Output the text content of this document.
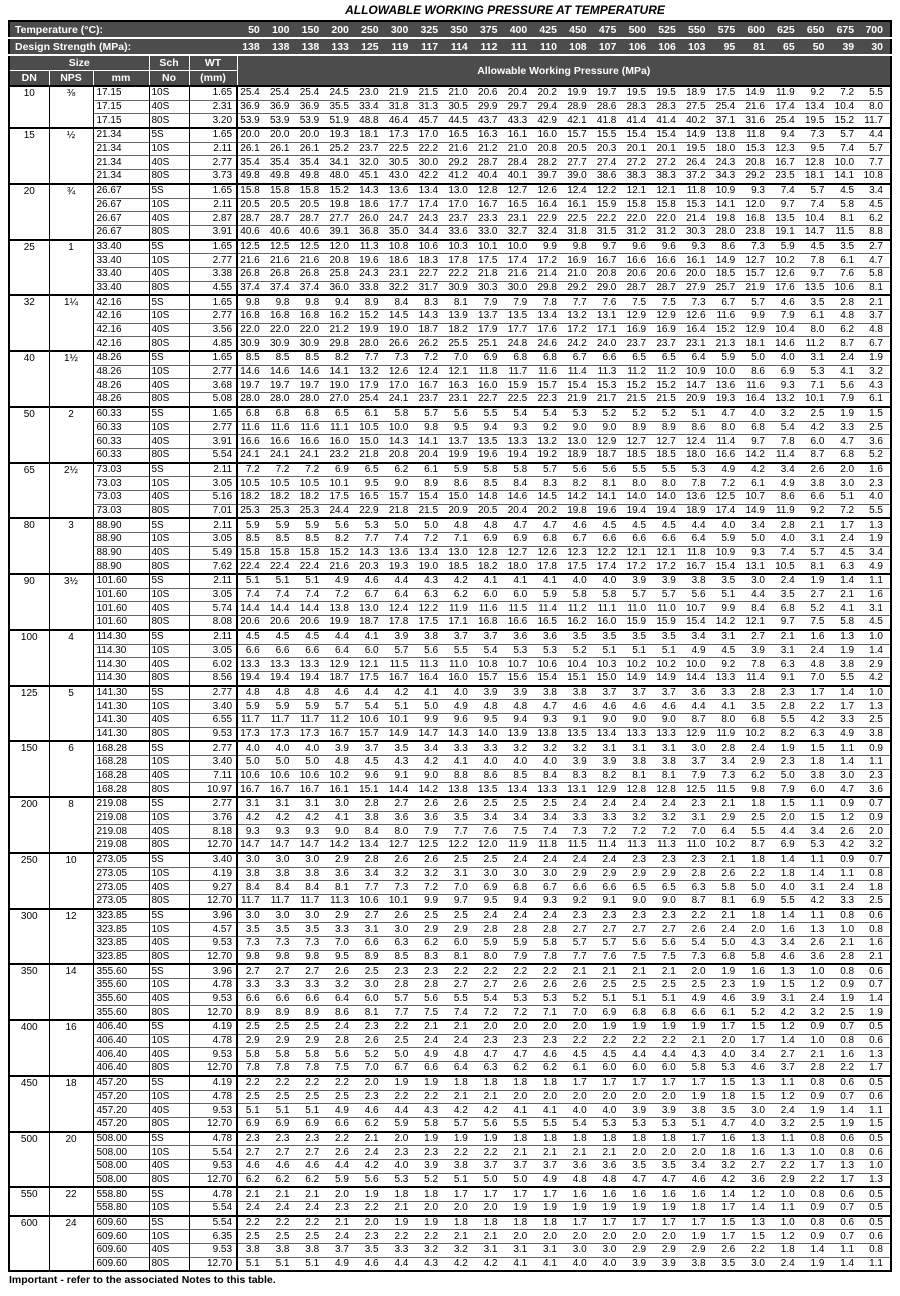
ALLOWABLE WORKING PRESSURE AT TEMPERATURE
Temperature (°C):					50	100	150	200	250	300	325	350	375	400	425	450	475	500	525	550	575	600	625	650	675	700
Design Strength (MPa):					138	138	138	133	125	119	117	114	112	111	110	108	107	106	106	103	95	81	65	50	39	30
Size			Sch	WT	Allowable Working Pressure (MPa)																					
DN	NPS	mm	No	(mm)																						
10	⅜	17.15	10S	1.65	25.4	25.4	25.4	24.5	23.0	21.9	21.5	21.0	20.6	20.4	20.2	19.9	19.7	19.5	19.5	18.9	17.5	14.9	11.9	9.2	7.2	5.5
		17.15	40S	2.31	36.9	36.9	36.9	35.5	33.4	31.8	31.3	30.5	29.9	29.7	29.4	28.9	28.6	28.3	28.3	27.5	25.4	21.6	17.4	13.4	10.4	8.0
		17.15	80S	3.20	53.9	53.9	53.9	51.9	48.8	46.4	45.7	44.5	43.7	43.3	42.9	42.1	41.8	41.4	41.4	40.2	37.1	31.6	25.4	19.5	15.2	11.7
15	½	21.34	5S	1.65	20.0	20.0	20.0	19.3	18.1	17.3	17.0	16.5	16.3	16.1	16.0	15.7	15.5	15.4	15.4	14.9	13.8	11.8	9.4	7.3	5.7	4.4
		21.34	10S	2.11	26.1	26.1	26.1	25.2	23.7	22.5	22.2	21.6	21.2	21.0	20.8	20.5	20.3	20.1	20.1	19.5	18.0	15.3	12.3	9.5	7.4	5.7
		21.34	40S	2.77	35.4	35.4	35.4	34.1	32.0	30.5	30.0	29.2	28.7	28.4	28.2	27.7	27.4	27.2	27.2	26.4	24.3	20.8	16.7	12.8	10.0	7.7
		21.34	80S	3.73	49.8	49.8	49.8	48.0	45.1	43.0	42.2	41.2	40.4	40.1	39.7	39.0	38.6	38.3	38.3	37.2	34.3	29.2	23.5	18.1	14.1	10.8
20	¾	26.67	5S	1.65	15.8	15.8	15.8	15.2	14.3	13.6	13.4	13.0	12.8	12.7	12.6	12.4	12.2	12.1	12.1	11.8	10.9	9.3	7.4	5.7	4.5	3.4
		26.67	10S	2.11	20.5	20.5	20.5	19.8	18.6	17.7	17.4	17.0	16.7	16.5	16.4	16.1	15.9	15.8	15.8	15.3	14.1	12.0	9.7	7.4	5.8	4.5
		26.67	40S	2.87	28.7	28.7	28.7	27.7	26.0	24.7	24.3	23.7	23.3	23.1	22.9	22.5	22.2	22.0	22.0	21.4	19.8	16.8	13.5	10.4	8.1	6.2
		26.67	80S	3.91	40.6	40.6	40.6	39.1	36.8	35.0	34.4	33.6	33.0	32.7	32.4	31.8	31.5	31.2	31.2	30.3	28.0	23.8	19.1	14.7	11.5	8.8
25	1	33.40	5S	1.65	12.5	12.5	12.5	12.0	11.3	10.8	10.6	10.3	10.1	10.0	9.9	9.8	9.7	9.6	9.6	9.3	8.6	7.3	5.9	4.5	3.5	2.7
		33.40	10S	2.77	21.6	21.6	21.6	20.8	19.6	18.6	18.3	17.8	17.5	17.4	17.2	16.9	16.7	16.6	16.6	16.1	14.9	12.7	10.2	7.8	6.1	4.7
		33.40	40S	3.38	26.8	26.8	26.8	25.8	24.3	23.1	22.7	22.2	21.8	21.6	21.4	21.0	20.8	20.6	20.6	20.0	18.5	15.7	12.6	9.7	7.6	5.8
		33.40	80S	4.55	37.4	37.4	37.4	36.0	33.8	32.2	31.7	30.9	30.3	30.0	29.8	29.2	29.0	28.7	28.7	27.9	25.7	21.9	17.6	13.5	10.6	8.1
32	1¼	42.16	5S	1.65	9.8	9.8	9.8	9.4	8.9	8.4	8.3	8.1	7.9	7.9	7.8	7.7	7.6	7.5	7.5	7.3	6.7	5.7	4.6	3.5	2.8	2.1
		42.16	10S	2.77	16.8	16.8	16.8	16.2	15.2	14.5	14.3	13.9	13.7	13.5	13.4	13.2	13.1	12.9	12.9	12.6	11.6	9.9	7.9	6.1	4.8	3.7
		42.16	40S	3.56	22.0	22.0	22.0	21.2	19.9	19.0	18.7	18.2	17.9	17.7	17.6	17.2	17.1	16.9	16.9	16.4	15.2	12.9	10.4	8.0	6.2	4.8
		42.16	80S	4.85	30.9	30.9	30.9	29.8	28.0	26.6	26.2	25.5	25.1	24.8	24.6	24.2	24.0	23.7	23.7	23.1	21.3	18.1	14.6	11.2	8.7	6.7
40	1½	48.26	5S	1.65	8.5	8.5	8.5	8.2	7.7	7.3	7.2	7.0	6.9	6.8	6.8	6.7	6.6	6.5	6.5	6.4	5.9	5.0	4.0	3.1	2.4	1.9
		48.26	10S	2.77	14.6	14.6	14.6	14.1	13.2	12.6	12.4	12.1	11.8	11.7	11.6	11.4	11.3	11.2	11.2	10.9	10.0	8.6	6.9	5.3	4.1	3.2
		48.26	40S	3.68	19.7	19.7	19.7	19.0	17.9	17.0	16.7	16.3	16.0	15.9	15.7	15.4	15.3	15.2	15.2	14.7	13.6	11.6	9.3	7.1	5.6	4.3
		48.26	80S	5.08	28.0	28.0	28.0	27.0	25.4	24.1	23.7	23.1	22.7	22.5	22.3	21.9	21.7	21.5	21.5	20.9	19.3	16.4	13.2	10.1	7.9	6.1
50	2	60.33	5S	1.65	6.8	6.8	6.8	6.5	6.1	5.8	5.7	5.6	5.5	5.4	5.4	5.3	5.2	5.2	5.2	5.1	4.7	4.0	3.2	2.5	1.9	1.5
		60.33	10S	2.77	11.6	11.6	11.6	11.1	10.5	10.0	9.8	9.5	9.4	9.3	9.2	9.0	9.0	8.9	8.9	8.6	8.0	6.8	5.4	4.2	3.3	2.5
		60.33	40S	3.91	16.6	16.6	16.6	16.0	15.0	14.3	14.1	13.7	13.5	13.3	13.2	13.0	12.9	12.7	12.7	12.4	11.4	9.7	7.8	6.0	4.7	3.6
		60.33	80S	5.54	24.1	24.1	24.1	23.2	21.8	20.8	20.4	19.9	19.6	19.4	19.2	18.9	18.7	18.5	18.5	18.0	16.6	14.2	11.4	8.7	6.8	5.2
65	2½	73.03	5S	2.11	7.2	7.2	7.2	6.9	6.5	6.2	6.1	5.9	5.8	5.8	5.7	5.6	5.6	5.5	5.5	5.3	4.9	4.2	3.4	2.6	2.0	1.6
		73.03	10S	3.05	10.5	10.5	10.5	10.1	9.5	9.0	8.9	8.6	8.5	8.4	8.3	8.2	8.1	8.0	8.0	7.8	7.2	6.1	4.9	3.8	3.0	2.3
		73.03	40S	5.16	18.2	18.2	18.2	17.5	16.5	15.7	15.4	15.0	14.8	14.6	14.5	14.2	14.1	14.0	14.0	13.6	12.5	10.7	8.6	6.6	5.1	4.0
		73.03	80S	7.01	25.3	25.3	25.3	24.4	22.9	21.8	21.5	20.9	20.5	20.4	20.2	19.8	19.6	19.4	19.4	18.9	17.4	14.9	11.9	9.2	7.2	5.5
80	3	88.90	5S	2.11	5.9	5.9	5.9	5.6	5.3	5.0	5.0	4.8	4.8	4.7	4.7	4.6	4.5	4.5	4.5	4.4	4.0	3.4	2.8	2.1	1.7	1.3
		88.90	10S	3.05	8.5	8.5	8.5	8.2	7.7	7.4	7.2	7.1	6.9	6.9	6.8	6.7	6.6	6.6	6.6	6.4	5.9	5.0	4.0	3.1	2.4	1.9
		88.90	40S	5.49	15.8	15.8	15.8	15.2	14.3	13.6	13.4	13.0	12.8	12.7	12.6	12.3	12.2	12.1	12.1	11.8	10.9	9.3	7.4	5.7	4.5	3.4
		88.90	80S	7.62	22.4	22.4	22.4	21.6	20.3	19.3	19.0	18.5	18.2	18.0	17.8	17.5	17.4	17.2	17.2	16.7	15.4	13.1	10.5	8.1	6.3	4.9
90	3½	101.60	5S	2.11	5.1	5.1	5.1	4.9	4.6	4.4	4.3	4.2	4.1	4.1	4.1	4.0	4.0	3.9	3.9	3.8	3.5	3.0	2.4	1.9	1.4	1.1
		101.60	10S	3.05	7.4	7.4	7.4	7.2	6.7	6.4	6.3	6.2	6.0	6.0	5.9	5.8	5.8	5.7	5.7	5.6	5.1	4.4	3.5	2.7	2.1	1.6
		101.60	40S	5.74	14.4	14.4	14.4	13.8	13.0	12.4	12.2	11.9	11.6	11.5	11.4	11.2	11.1	11.0	11.0	10.7	9.9	8.4	6.8	5.2	4.1	3.1
		101.60	80S	8.08	20.6	20.6	20.6	19.9	18.7	17.8	17.5	17.1	16.8	16.6	16.5	16.2	16.0	15.9	15.9	15.4	14.2	12.1	9.7	7.5	5.8	4.5
100	4	114.30	5S	2.11	4.5	4.5	4.5	4.4	4.1	3.9	3.8	3.7	3.7	3.6	3.6	3.5	3.5	3.5	3.5	3.4	3.1	2.7	2.1	1.6	1.3	1.0
		114.30	10S	3.05	6.6	6.6	6.6	6.4	6.0	5.7	5.6	5.5	5.4	5.3	5.3	5.2	5.1	5.1	5.1	4.9	4.5	3.9	3.1	2.4	1.9	1.4
		114.30	40S	6.02	13.3	13.3	13.3	12.9	12.1	11.5	11.3	11.0	10.8	10.7	10.6	10.4	10.3	10.2	10.2	10.0	9.2	7.8	6.3	4.8	3.8	2.9
		114.30	80S	8.56	19.4	19.4	19.4	18.7	17.5	16.7	16.4	16.0	15.7	15.6	15.4	15.1	15.0	14.9	14.9	14.4	13.3	11.4	9.1	7.0	5.5	4.2
125	5	141.30	5S	2.77	4.8	4.8	4.8	4.6	4.4	4.2	4.1	4.0	3.9	3.9	3.8	3.8	3.7	3.7	3.7	3.6	3.3	2.8	2.3	1.7	1.4	1.0
		141.30	10S	3.40	5.9	5.9	5.9	5.7	5.4	5.1	5.0	4.9	4.8	4.8	4.7	4.6	4.6	4.6	4.6	4.4	4.1	3.5	2.8	2.2	1.7	1.3
		141.30	40S	6.55	11.7	11.7	11.7	11.2	10.6	10.1	9.9	9.6	9.5	9.4	9.3	9.1	9.0	9.0	9.0	8.7	8.0	6.8	5.5	4.2	3.3	2.5
		141.30	80S	9.53	17.3	17.3	17.3	16.7	15.7	14.9	14.7	14.3	14.0	13.9	13.8	13.5	13.4	13.3	13.3	12.9	11.9	10.2	8.2	6.3	4.9	3.8
150	6	168.28	5S	2.77	4.0	4.0	4.0	3.9	3.7	3.5	3.4	3.3	3.3	3.2	3.2	3.2	3.1	3.1	3.1	3.0	2.8	2.4	1.9	1.5	1.1	0.9
		168.28	10S	3.40	5.0	5.0	5.0	4.8	4.5	4.3	4.2	4.1	4.0	4.0	4.0	3.9	3.9	3.8	3.8	3.7	3.4	2.9	2.3	1.8	1.4	1.1
		168.28	40S	7.11	10.6	10.6	10.6	10.2	9.6	9.1	9.0	8.8	8.6	8.5	8.4	8.3	8.2	8.1	8.1	7.9	7.3	6.2	5.0	3.8	3.0	2.3
		168.28	80S	10.97	16.7	16.7	16.7	16.1	15.1	14.4	14.2	13.8	13.5	13.4	13.3	13.1	12.9	12.8	12.8	12.5	11.5	9.8	7.9	6.0	4.7	3.6
200	8	219.08	5S	2.77	3.1	3.1	3.1	3.0	2.8	2.7	2.6	2.6	2.5	2.5	2.5	2.4	2.4	2.4	2.4	2.3	2.1	1.8	1.5	1.1	0.9	0.7
		219.08	10S	3.76	4.2	4.2	4.2	4.1	3.8	3.6	3.6	3.5	3.4	3.4	3.4	3.3	3.3	3.2	3.2	3.1	2.9	2.5	2.0	1.5	1.2	0.9
		219.08	40S	8.18	9.3	9.3	9.3	9.0	8.4	8.0	7.9	7.7	7.6	7.5	7.4	7.3	7.2	7.2	7.2	7.0	6.4	5.5	4.4	3.4	2.6	2.0
		219.08	80S	12.70	14.7	14.7	14.7	14.2	13.4	12.7	12.5	12.2	12.0	11.9	11.8	11.5	11.4	11.3	11.3	11.0	10.2	8.7	6.9	5.3	4.2	3.2
250	10	273.05	5S	3.40	3.0	3.0	3.0	2.9	2.8	2.6	2.6	2.5	2.5	2.4	2.4	2.4	2.4	2.3	2.3	2.3	2.1	1.8	1.4	1.1	0.9	0.7
		273.05	10S	4.19	3.8	3.8	3.8	3.6	3.4	3.2	3.2	3.1	3.0	3.0	3.0	2.9	2.9	2.9	2.9	2.8	2.6	2.2	1.8	1.4	1.1	0.8
		273.05	40S	9.27	8.4	8.4	8.4	8.1	7.7	7.3	7.2	7.0	6.9	6.8	6.7	6.6	6.6	6.5	6.5	6.3	5.8	5.0	4.0	3.1	2.4	1.8
		273.05	80S	12.70	11.7	11.7	11.7	11.3	10.6	10.1	9.9	9.7	9.5	9.4	9.3	9.2	9.1	9.0	9.0	8.7	8.1	6.9	5.5	4.2	3.3	2.5
300	12	323.85	5S	3.96	3.0	3.0	3.0	2.9	2.7	2.6	2.5	2.5	2.4	2.4	2.4	2.3	2.3	2.3	2.3	2.2	2.1	1.8	1.4	1.1	0.8	0.6
		323.85	10S	4.57	3.5	3.5	3.5	3.3	3.1	3.0	2.9	2.9	2.8	2.8	2.8	2.7	2.7	2.7	2.7	2.6	2.4	2.0	1.6	1.3	1.0	0.8
		323.85	40S	9.53	7.3	7.3	7.3	7.0	6.6	6.3	6.2	6.0	5.9	5.9	5.8	5.7	5.7	5.6	5.6	5.4	5.0	4.3	3.4	2.6	2.1	1.6
		323.85	80S	12.70	9.8	9.8	9.8	9.5	8.9	8.5	8.3	8.1	8.0	7.9	7.8	7.7	7.6	7.5	7.5	7.3	6.8	5.8	4.6	3.6	2.8	2.1
350	14	355.60	5S	3.96	2.7	2.7	2.7	2.6	2.5	2.3	2.3	2.2	2.2	2.2	2.2	2.1	2.1	2.1	2.1	2.0	1.9	1.6	1.3	1.0	0.8	0.6
		355.60	10S	4.78	3.3	3.3	3.3	3.2	3.0	2.8	2.8	2.7	2.7	2.6	2.6	2.6	2.5	2.5	2.5	2.5	2.3	1.9	1.5	1.2	0.9	0.7
		355.60	40S	9.53	6.6	6.6	6.6	6.4	6.0	5.7	5.6	5.5	5.4	5.3	5.3	5.2	5.1	5.1	5.1	4.9	4.6	3.9	3.1	2.4	1.9	1.4
		355.60	80S	12.70	8.9	8.9	8.9	8.6	8.1	7.7	7.5	7.4	7.2	7.2	7.1	7.0	6.9	6.8	6.8	6.6	6.1	5.2	4.2	3.2	2.5	1.9
400	16	406.40	5S	4.19	2.5	2.5	2.5	2.4	2.3	2.2	2.1	2.1	2.0	2.0	2.0	2.0	1.9	1.9	1.9	1.9	1.7	1.5	1.2	0.9	0.7	0.5
		406.40	10S	4.78	2.9	2.9	2.9	2.8	2.6	2.5	2.4	2.4	2.3	2.3	2.3	2.2	2.2	2.2	2.2	2.1	2.0	1.7	1.4	1.0	0.8	0.6
		406.40	40S	9.53	5.8	5.8	5.8	5.6	5.2	5.0	4.9	4.8	4.7	4.7	4.6	4.5	4.5	4.4	4.4	4.3	4.0	3.4	2.7	2.1	1.6	1.3
		406.40	80S	12.70	7.8	7.8	7.8	7.5	7.0	6.7	6.6	6.4	6.3	6.2	6.2	6.1	6.0	6.0	6.0	5.8	5.3	4.6	3.7	2.8	2.2	1.7
450	18	457.20	5S	4.19	2.2	2.2	2.2	2.2	2.0	1.9	1.9	1.8	1.8	1.8	1.8	1.7	1.7	1.7	1.7	1.7	1.5	1.3	1.1	0.8	0.6	0.5
		457.20	10S	4.78	2.5	2.5	2.5	2.5	2.3	2.2	2.2	2.1	2.1	2.0	2.0	2.0	2.0	2.0	2.0	1.9	1.8	1.5	1.2	0.9	0.7	0.6
		457.20	40S	9.53	5.1	5.1	5.1	4.9	4.6	4.4	4.3	4.2	4.2	4.1	4.1	4.0	4.0	3.9	3.9	3.8	3.5	3.0	2.4	1.9	1.4	1.1
		457.20	80S	12.70	6.9	6.9	6.9	6.6	6.2	5.9	5.8	5.7	5.6	5.5	5.5	5.4	5.3	5.3	5.3	5.1	4.7	4.0	3.2	2.5	1.9	1.5
500	20	508.00	5S	4.78	2.3	2.3	2.3	2.2	2.1	2.0	1.9	1.9	1.9	1.8	1.8	1.8	1.8	1.8	1.8	1.7	1.6	1.3	1.1	0.8	0.6	0.5
		508.00	10S	5.54	2.7	2.7	2.7	2.6	2.4	2.3	2.3	2.2	2.2	2.1	2.1	2.1	2.1	2.0	2.0	2.0	1.8	1.6	1.3	1.0	0.8	0.6
		508.00	40S	9.53	4.6	4.6	4.6	4.4	4.2	4.0	3.9	3.8	3.7	3.7	3.7	3.6	3.6	3.5	3.5	3.4	3.2	2.7	2.2	1.7	1.3	1.0
		508.00	80S	12.70	6.2	6.2	6.2	5.9	5.6	5.3	5.2	5.1	5.0	5.0	4.9	4.8	4.8	4.7	4.7	4.6	4.2	3.6	2.9	2.2	1.7	1.3
550	22	558.80	5S	4.78	2.1	2.1	2.1	2.0	1.9	1.8	1.8	1.7	1.7	1.7	1.7	1.6	1.6	1.6	1.6	1.6	1.4	1.2	1.0	0.8	0.6	0.5
		558.80	10S	5.54	2.4	2.4	2.4	2.3	2.2	2.1	2.0	2.0	2.0	1.9	1.9	1.9	1.9	1.9	1.9	1.8	1.7	1.4	1.1	0.9	0.7	0.5
600	24	609.60	5S	5.54	2.2	2.2	2.2	2.1	2.0	1.9	1.9	1.8	1.8	1.8	1.8	1.7	1.7	1.7	1.7	1.7	1.5	1.3	1.0	0.8	0.6	0.5
		609.60	10S	6.35	2.5	2.5	2.5	2.4	2.3	2.2	2.2	2.1	2.1	2.0	2.0	2.0	2.0	2.0	2.0	1.9	1.7	1.5	1.2	0.9	0.7	0.6
		609.60	40S	9.53	3.8	3.8	3.8	3.7	3.5	3.3	3.2	3.2	3.1	3.1	3.1	3.0	3.0	2.9	2.9	2.9	2.6	2.2	1.8	1.4	1.1	0.8
		609.60	80S	12.70	5.1	5.1	5.1	4.9	4.6	4.4	4.3	4.2	4.2	4.1	4.1	4.0	4.0	3.9	3.9	3.8	3.5	3.0	2.4	1.9	1.4	1.1
Important - refer to the associated Notes to this table.
